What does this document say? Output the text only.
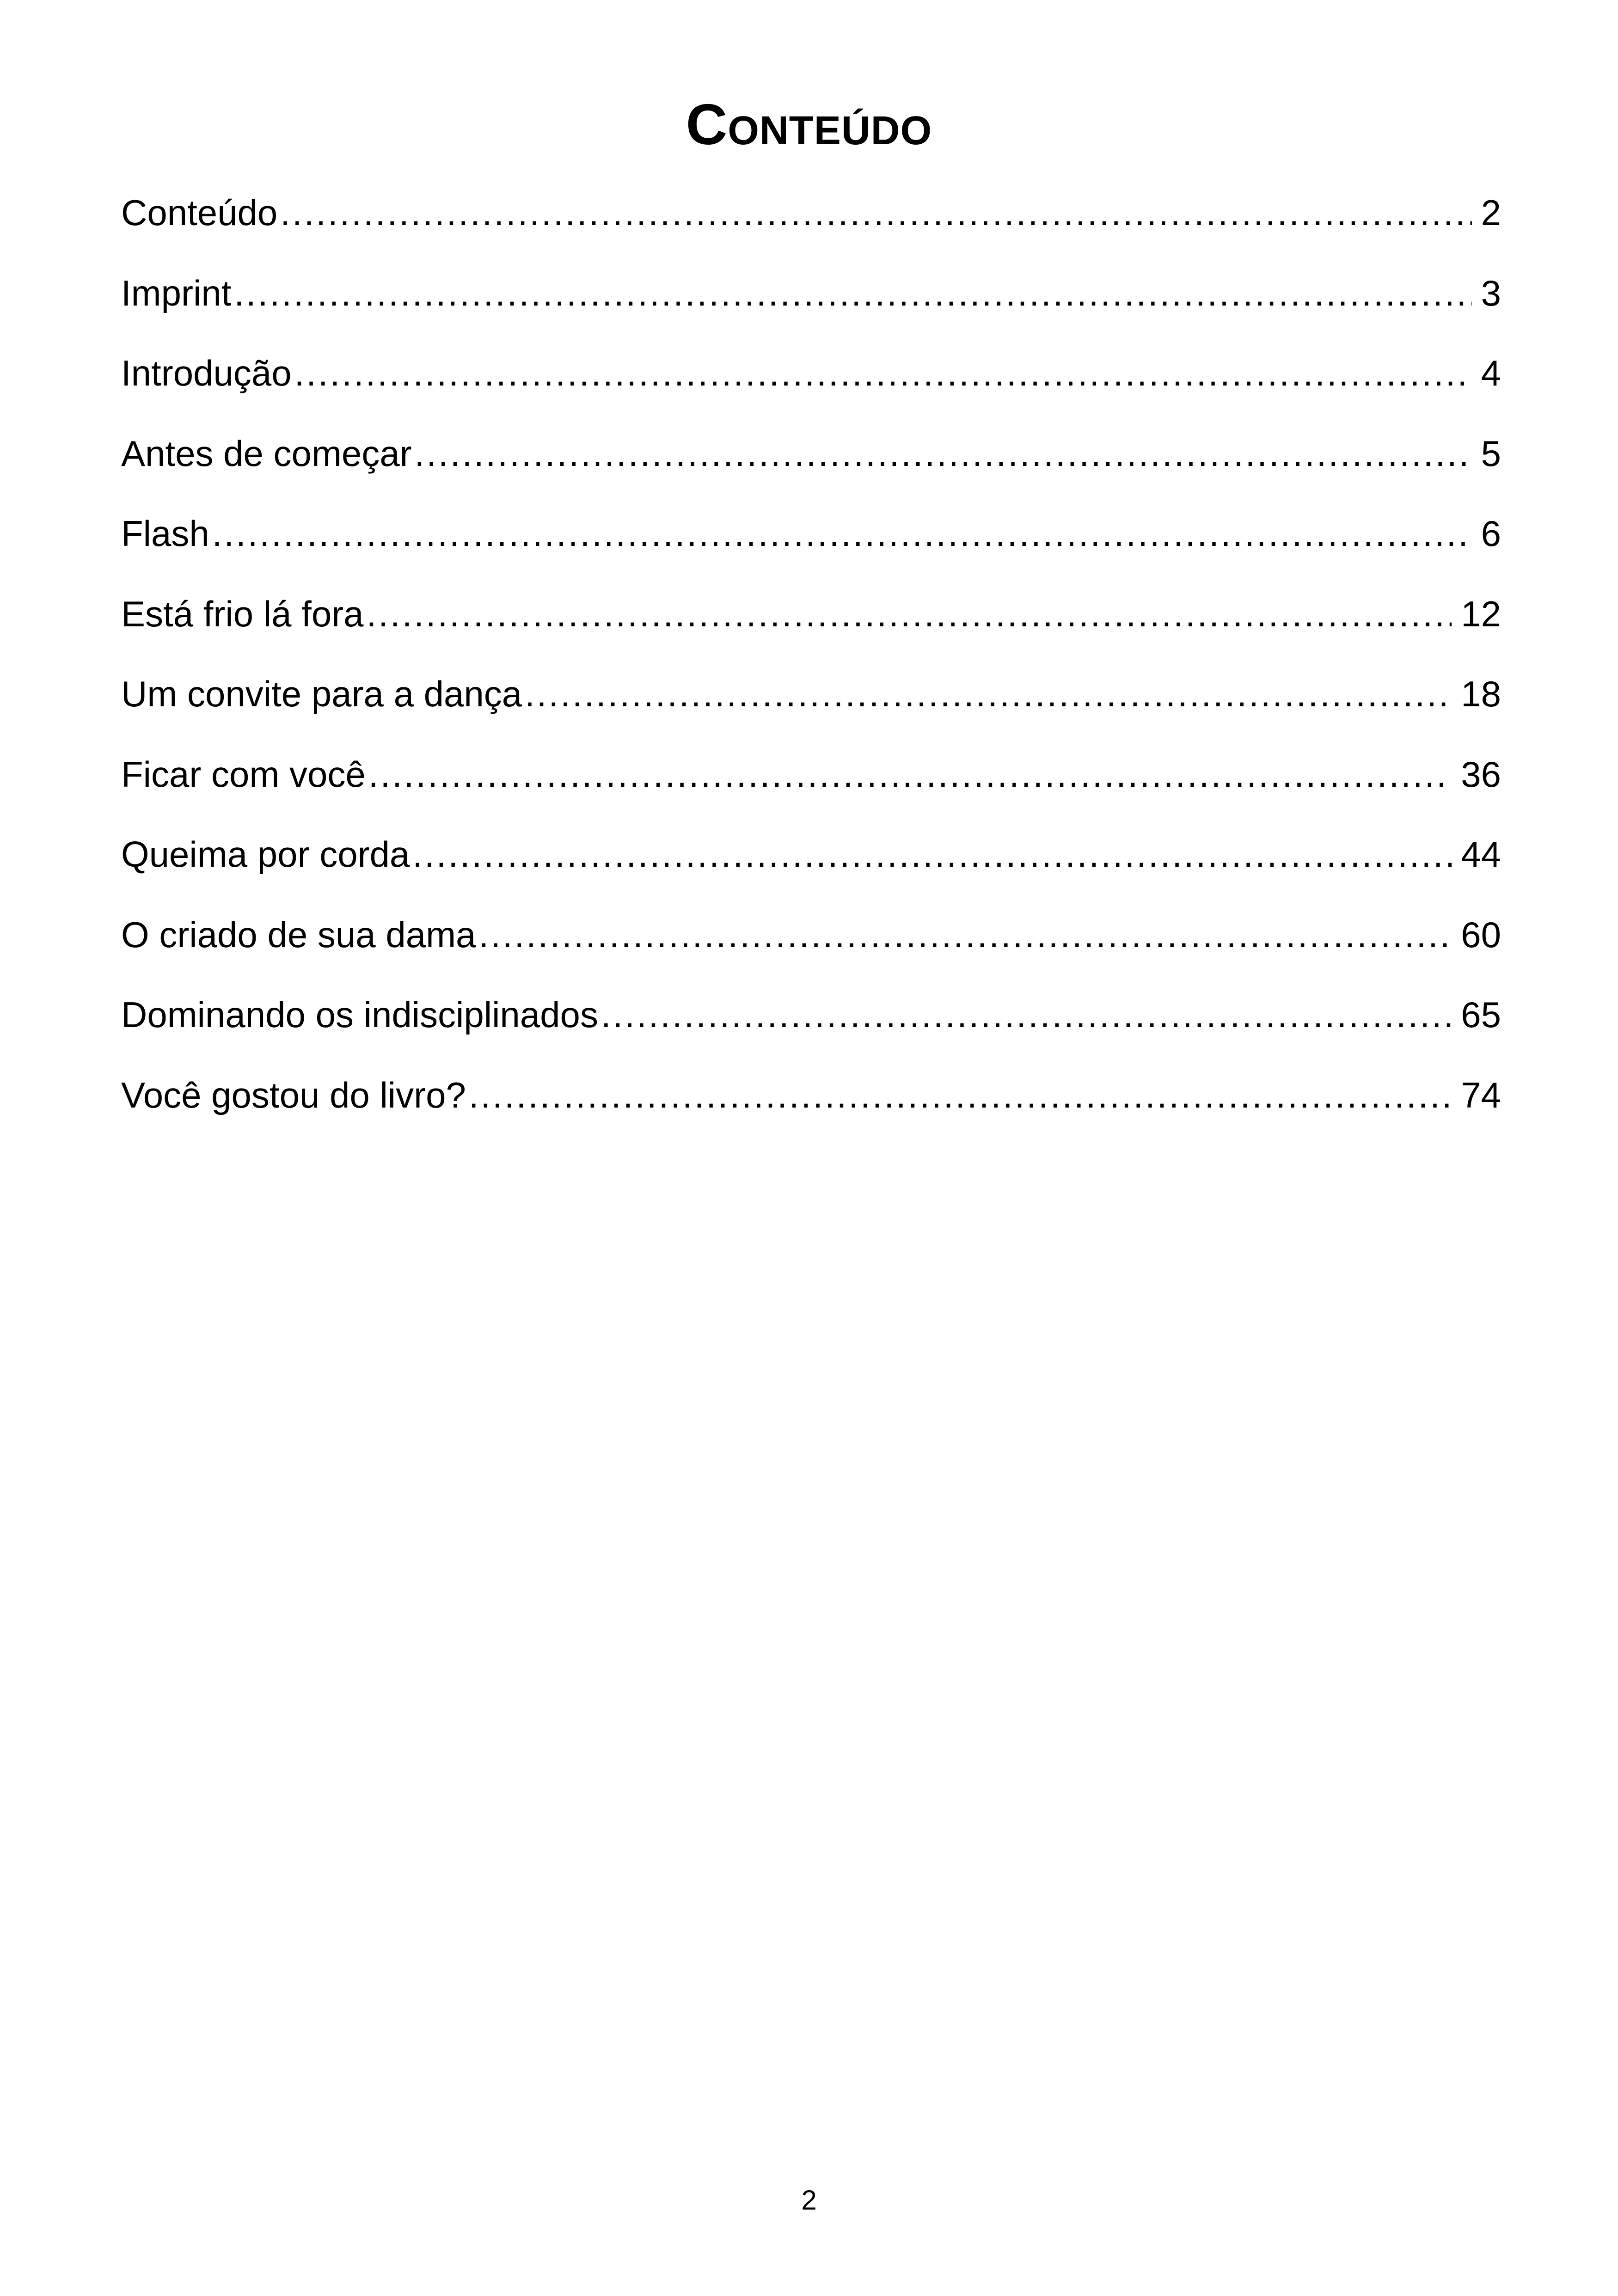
Conteúdo
Conteúdo .....	2
Imprint .....	3
Introdução .....	4
Antes de começar .....	5
Flash .....	6
Está frio lá fora .....	12
Um convite para a dança .....	18
Ficar com você .....	36
Queima por corda .....	44
O criado de sua dama .....	60
Dominando os indisciplinados .....	65
Você gostou do livro? .....	74
2
